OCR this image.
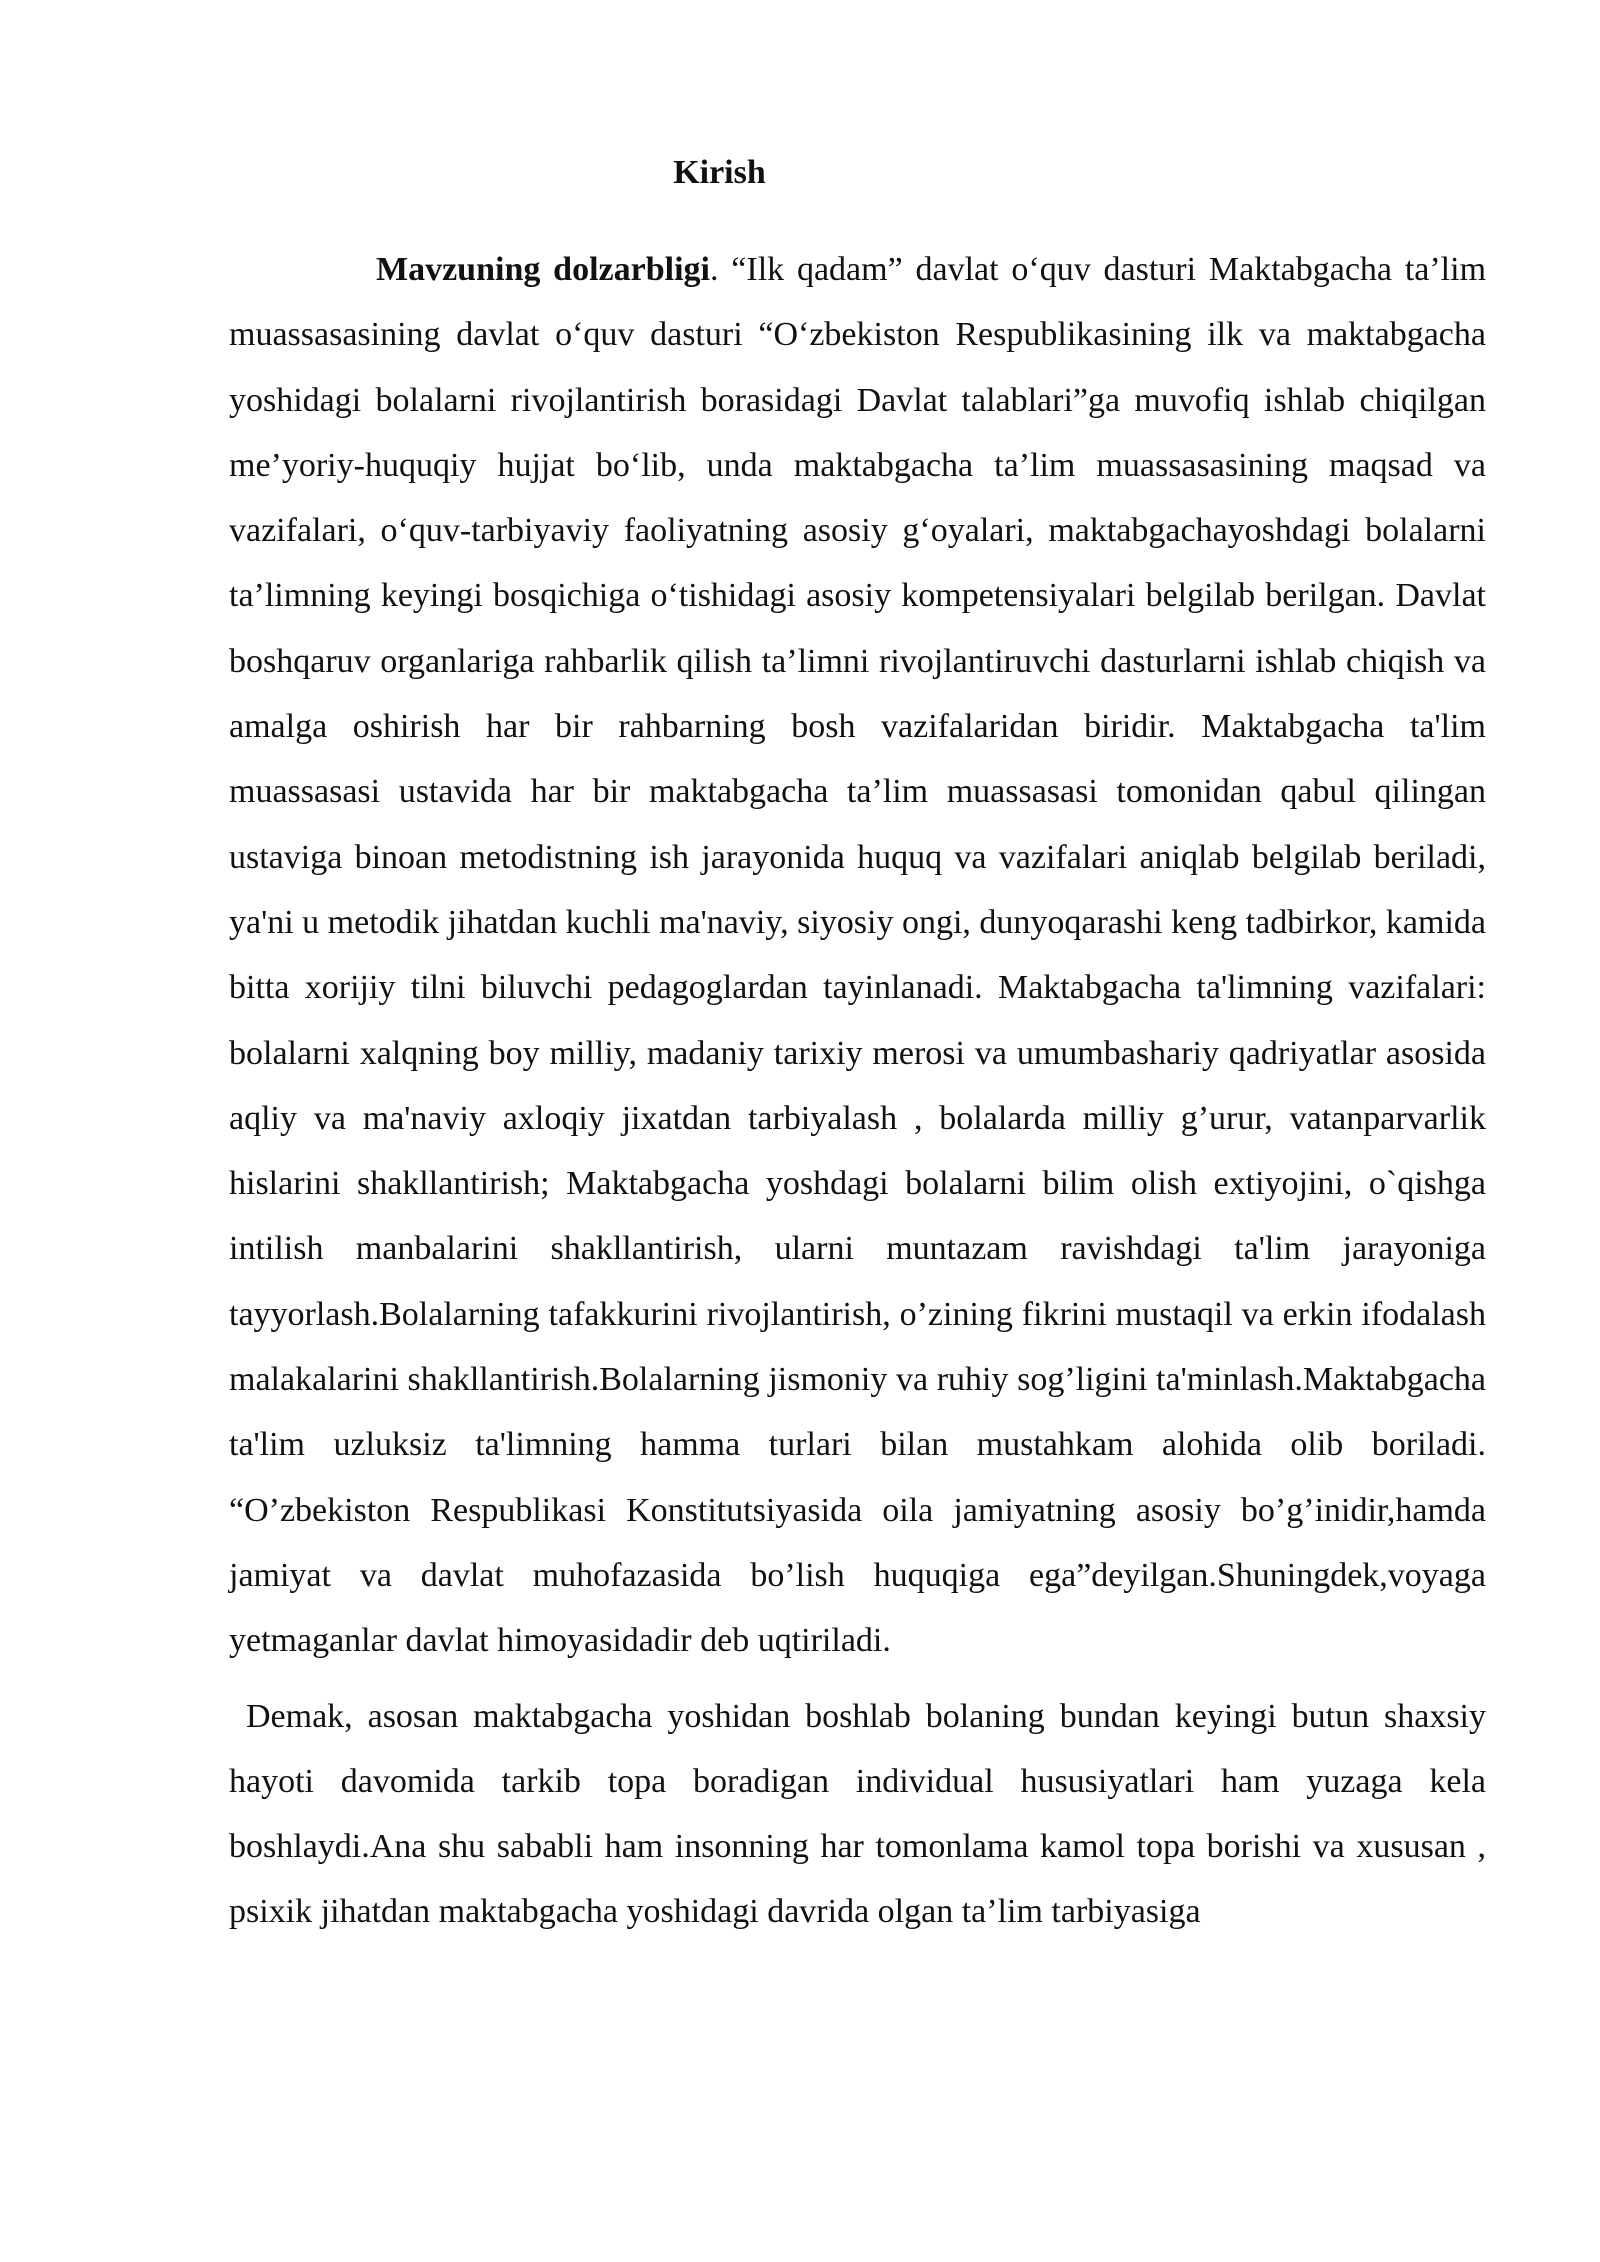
Kirish

Mavzuning dolzarbligi. “Ilk qadam” davlat o‘quv dasturi Maktabgacha ta’lim muassasasining davlat o‘quv dasturi “O‘zbekiston Respublikasining ilk va maktabgacha yoshidagi bolalarni rivojlantirish borasidagi Davlat talablari”ga muvofiq ishlab chiqilgan me’yoriy-huquqiy hujjat bo‘lib, unda maktabgacha ta’lim muassasasining maqsad va vazifalari, o‘quv-tarbiyaviy faoliyatning asosiy g‘oyalari, maktabgachayoshdagi bolalarni ta’limning keyingi bosqichiga o‘tishidagi asosiy kompetensiyalari belgilab berilgan. Davlat boshqaruv organlariga rahbarlik qilish ta’limni rivojlantiruvchi dasturlarni ishlab chiqish va amalga oshirish har bir rahbarning bosh vazifalaridan biridir. Maktabgacha ta'lim muassasasi ustavida har bir maktabgacha ta’lim muassasasi tomonidan qabul qilingan ustaviga binoan metodistning ish jarayonida huquq va vazifalari aniqlab belgilab beriladi, ya'ni u metodik jihatdan kuchli ma'naviy, siyosiy ongi, dunyoqarashi keng tadbirkor, kamida bitta xorijiy tilni biluvchi pedagoglardan tayinlanadi. Maktabgacha ta'limning vazifalari: bolalarni xalqning boy milliy, madaniy tarixiy merosi va umumbashariy qadriyatlar asosida aqliy va ma'naviy axloqiy jixatdan tarbiyalash , bolalarda milliy g’urur, vatanparvarlik hislarini shakllantirish; Maktabgacha yoshdagi bolalarni bilim olish extiyojini, o`qishga intilish manbalarini shakllantirish, ularni muntazam ravishdagi ta'lim jarayoniga tayyorlash.Bolalarning tafakkurini rivojlantirish, o’zining fikrini mustaqil va erkin ifodalash malakalarini shakllantirish.Bolalarning jismoniy va ruhiy sog’ligini ta'minlash.Maktabgacha ta'lim uzluksiz ta'limning hamma turlari bilan mustahkam alohida olib boriladi. “O’zbekiston Respublikasi Konstitutsiyasida oila jamiyatning asosiy bo’g’inidir,hamda jamiyat va davlat muhofazasida bo’lish huquqiga ega”deyilgan.Shuningdek,voyaga yetmaganlar davlat himoyasidadir deb uqtiriladi.

Demak, asosan maktabgacha yoshidan boshlab bolaning bundan keyingi butun shaxsiy hayoti davomida tarkib topa boradigan individual hususiyatlari ham yuzaga kela boshlaydi.Ana shu sababli ham insonning har tomonlama kamol topa borishi va xususan , psixik jihatdan maktabgacha yoshidagi davrida olgan ta’lim tarbiyasiga
